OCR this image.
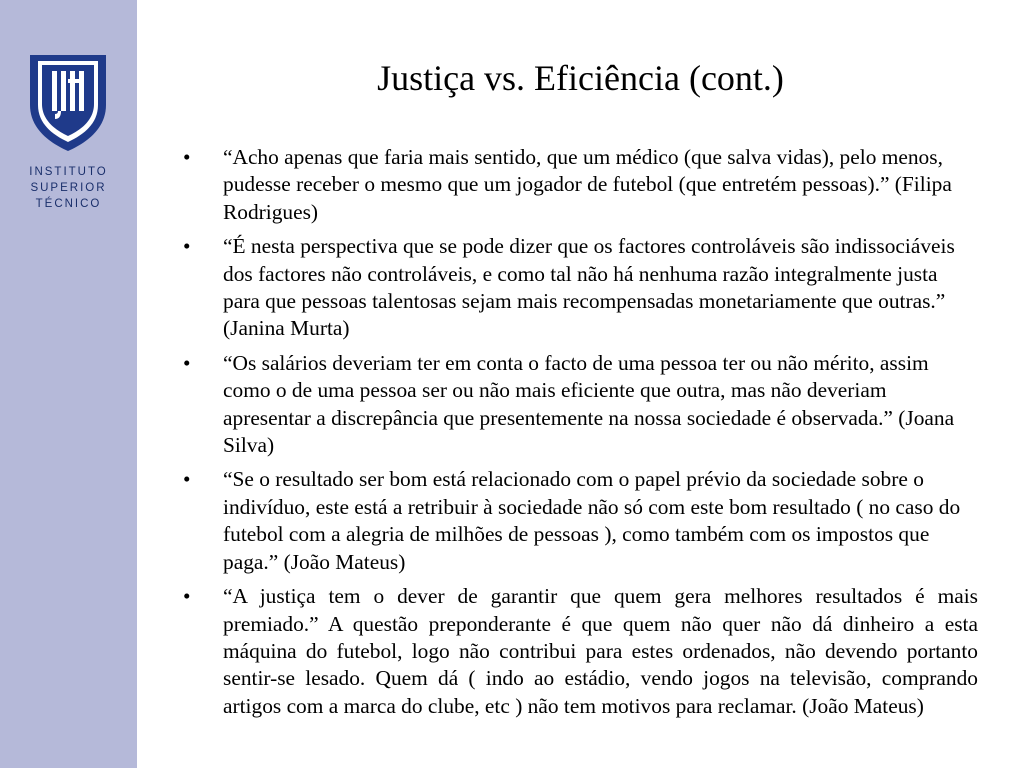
INSTITUTO
SUPERIOR
TÉCNICO
Justiça vs. Eficiência (cont.)
• “Acho apenas que faria mais sentido, que um médico (que salva vidas), pelo menos, pudesse receber o mesmo que um jogador de futebol (que entretém pessoas).” (Filipa Rodrigues)
• “É nesta perspectiva que se pode dizer que os factores controláveis são indissociáveis dos factores não controláveis, e como tal não há nenhuma razão integralmente justa para que pessoas talentosas sejam mais recompensadas monetariamente que outras.” (Janina Murta)
• “Os salários deveriam ter em conta o facto de uma pessoa ter ou não mérito, assim como o de uma pessoa ser ou não mais eficiente que outra, mas não deveriam apresentar a discrepância que presentemente na nossa sociedade é observada.” (Joana Silva)
• “Se o resultado ser bom está relacionado com o papel prévio da sociedade sobre o indivíduo, este está a retribuir à sociedade não só com este bom resultado ( no caso do futebol com a alegria de milhões de pessoas ), como também com os impostos que paga.” (João Mateus)
• “A justiça tem o dever de garantir que quem gera melhores resultados é mais premiado.” A questão preponderante é que quem não quer não dá dinheiro a esta máquina do futebol, logo não contribui para estes ordenados, não devendo portanto sentir-se lesado. Quem dá ( indo ao estádio, vendo jogos na televisão, comprando artigos com a marca do clube, etc ) não tem motivos para reclamar. (João Mateus)
